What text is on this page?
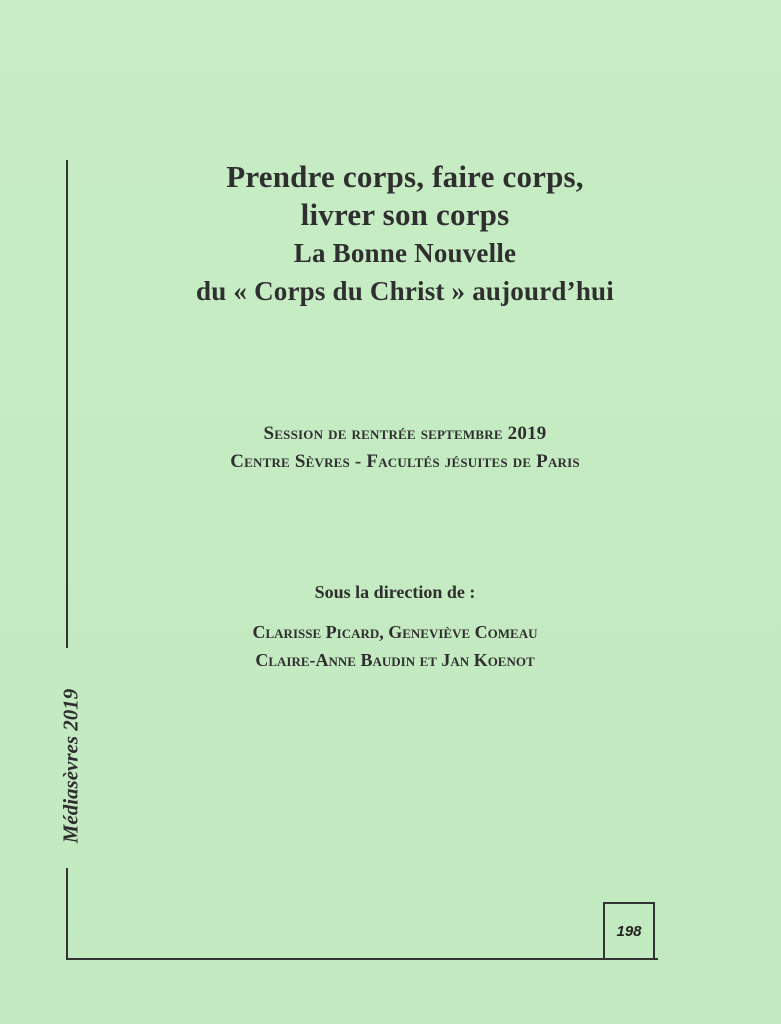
Médiasèvres 2019
Prendre corps, faire corps,
livrer son corps
La Bonne Nouvelle
du « Corps du Christ » aujourd’hui
Session de rentrée septembre 2019
Centre Sèvres - Facultés jésuites de Paris
Sous la direction de :
Clarisse Picard, Geneviève Comeau
Claire-Anne Baudin et Jan Koenot
198
